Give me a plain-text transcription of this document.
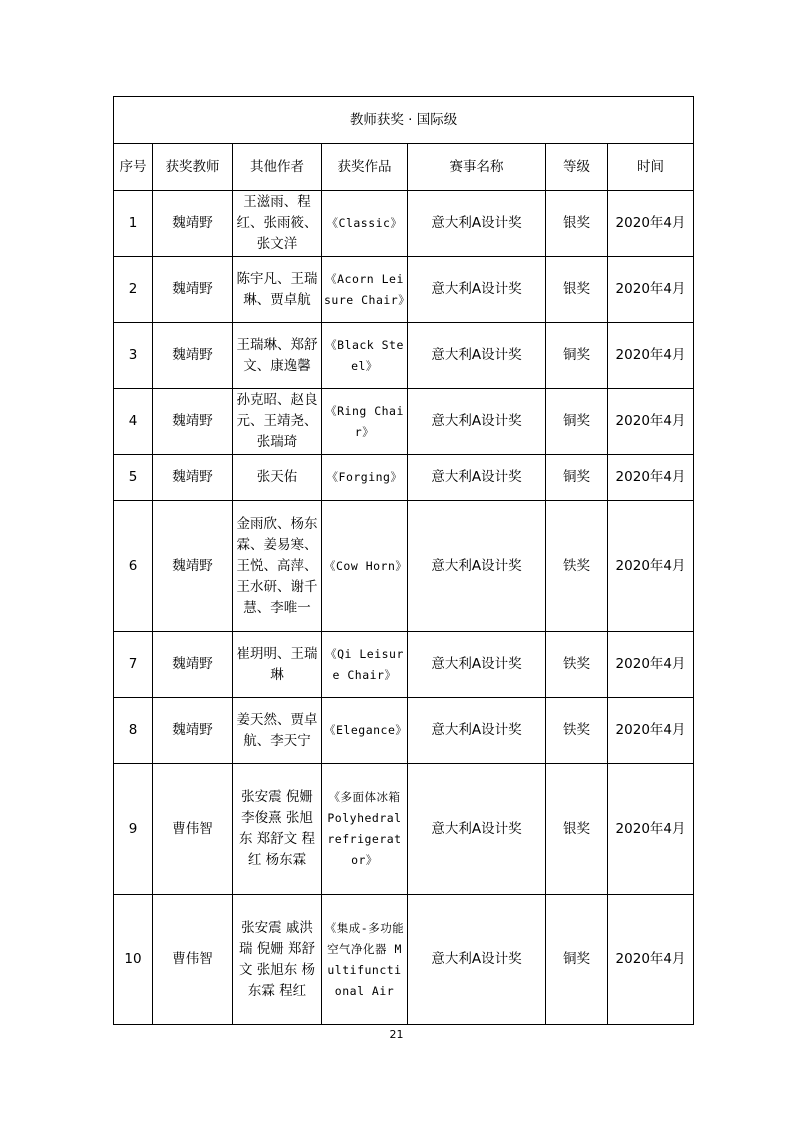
教师获奖 · 国际级						
序号	获奖教师	其他作者	获奖作品	赛事名称	等级	时间
1	魏靖野	王滋雨、程红、张雨筱、张文洋	《Classic》	意大利A设计奖	银奖	2020年4月
2	魏靖野	陈宇凡、王瑞琳、贾卓航	《Acorn Leisure Chair》	意大利A设计奖	银奖	2020年4月
3	魏靖野	王瑞琳、郑舒文、康逸馨	《Black Steel》	意大利A设计奖	铜奖	2020年4月
4	魏靖野	孙克昭、赵良元、王靖尧、张瑞琦	《Ring Chair》	意大利A设计奖	铜奖	2020年4月
5	魏靖野	张天佑	《Forging》	意大利A设计奖	铜奖	2020年4月
6	魏靖野	金雨欣、杨东霖、姜易寒、王悦、高萍、王水研、谢千慧、李唯一	《Cow Horn》	意大利A设计奖	铁奖	2020年4月
7	魏靖野	崔玥明、王瑞琳	《Qi Leisure Chair》	意大利A设计奖	铁奖	2020年4月
8	魏靖野	姜天然、贾卓航、李天宁	《Elegance》	意大利A设计奖	铁奖	2020年4月
9	曹伟智	张安震 倪姗 李俊熹 张旭东 郑舒文 程红 杨东霖	《多面体冰箱 Polyhedral refrigerator》	意大利A设计奖	银奖	2020年4月
10	曹伟智	张安震 戚洪瑞 倪姗 郑舒文 张旭东 杨东霖 程红	《集成-多功能空气净化器 Multifunctional Air	意大利A设计奖	铜奖	2020年4月
21
